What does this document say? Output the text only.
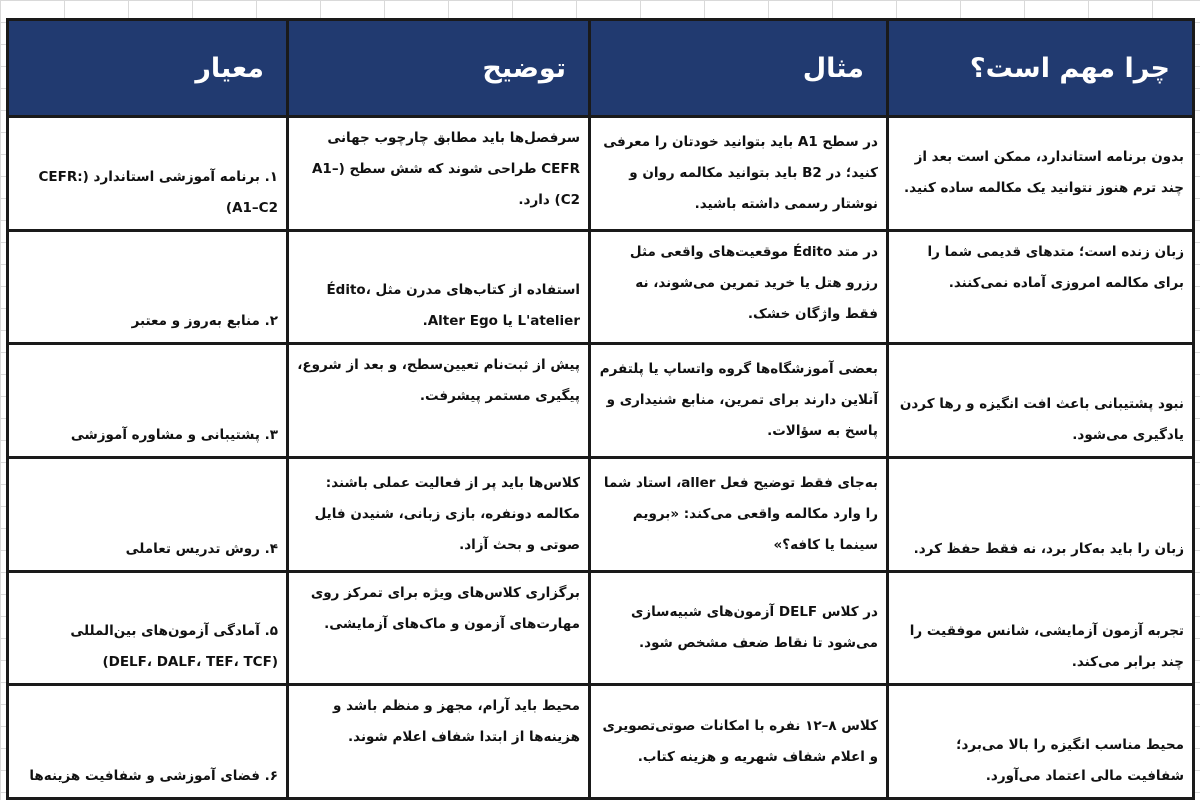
چرا مهم است؟	مثال	توضیح	معیار
بدون برنامه استاندارد، ممکن است بعد از چند ترم هنوز نتوانید یک مکالمه ساده کنید.	در سطح A1 باید بتوانید خودتان را معرفی کنید؛ در B2 باید بتوانید مکالمه روان و نوشتار رسمی داشته باشید.	سرفصل‌ها باید مطابق چارچوب جهانی CEFR طراحی شوند که شش سطح (A1–C2) دارد.	۱. برنامه آموزشی استاندارد (CEFR: A1–C2)
زبان زنده است؛ متدهای قدیمی شما را برای مکالمه امروزی آماده نمی‌کنند.	در متد Édito موقعیت‌های واقعی مثل رزرو هتل یا خرید تمرین می‌شوند، نه فقط واژگان خشک.	استفاده از کتاب‌های مدرن مثل Édito، L'atelier یا Alter Ego.	۲. منابع به‌روز و معتبر
نبود پشتیبانی باعث افت انگیزه و رها کردن یادگیری می‌شود.	بعضی آموزشگاه‌ها گروه واتساپ یا پلتفرم آنلاین دارند برای تمرین، منابع شنیداری و پاسخ به سؤالات.	پیش از ثبت‌نام تعیین‌سطح، و بعد از شروع، پیگیری مستمر پیشرفت.	۳. پشتیبانی و مشاوره آموزشی
زبان را باید به‌کار برد، نه فقط حفظ کرد.	به‌جای فقط توضیح فعل aller، استاد شما را وارد مکالمه واقعی می‌کند: «برویم سینما یا کافه؟»	کلاس‌ها باید پر از فعالیت عملی باشند: مکالمه دونفره، بازی زبانی، شنیدن فایل صوتی و بحث آزاد.	۴. روش تدریس تعاملی
تجربه آزمون آزمایشی، شانس موفقیت را چند برابر می‌کند.	در کلاس DELF آزمون‌های شبیه‌سازی می‌شود تا نقاط ضعف مشخص شود.	برگزاری کلاس‌های ویژه برای تمرکز روی مهارت‌های آزمون و ماک‌های آزمایشی.	۵. آمادگی آزمون‌های بین‌المللی (DELF، DALF، TEF، TCF)
محیط مناسب انگیزه را بالا می‌برد؛ شفافیت مالی اعتماد می‌آورد.	کلاس ۸–۱۲ نفره با امکانات صوتی‌تصویری و اعلام شفاف شهریه و هزینه کتاب.	محیط باید آرام، مجهز و منظم باشد و هزینه‌ها از ابتدا شفاف اعلام شوند.	۶. فضای آموزشی و شفافیت هزینه‌ها
